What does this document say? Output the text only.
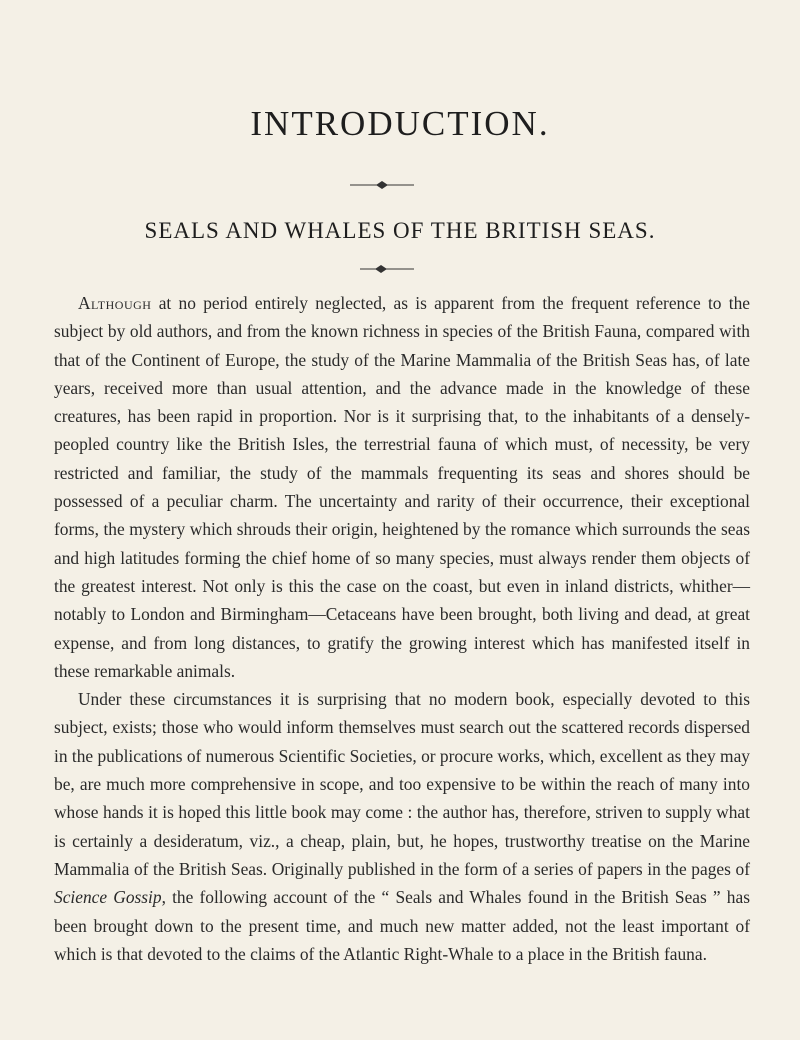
INTRODUCTION.
SEALS AND WHALES OF THE BRITISH SEAS.

Although at no period entirely neglected, as is apparent from the frequent reference to the subject by old authors, and from the known richness in species of the British Fauna, compared with that of the Continent of Europe, the study of the Marine Mammalia of the British Seas has, of late years, received more than usual attention, and the advance made in the knowledge of these creatures, has been rapid in proportion. Nor is it surprising that, to the inhabitants of a densely-peopled country like the British Isles, the terrestrial fauna of which must, of necessity, be very restricted and familiar, the study of the mammals frequenting its seas and shores should be possessed of a peculiar charm. The uncertainty and rarity of their occurrence, their exceptional forms, the mystery which shrouds their origin, heightened by the romance which surrounds the seas and high latitudes forming the chief home of so many species, must always render them objects of the greatest interest. Not only is this the case on the coast, but even in inland districts, whither—notably to London and Birmingham—Cetaceans have been brought, both living and dead, at great expense, and from long distances, to gratify the growing interest which has manifested itself in these remarkable animals.

Under these circumstances it is surprising that no modern book, especially devoted to this subject, exists; those who would inform themselves must search out the scattered records dispersed in the publications of numerous Scientific Societies, or procure works, which, excellent as they may be, are much more comprehensive in scope, and too expensive to be within the reach of many into whose hands it is hoped this little book may come : the author has, therefore, striven to supply what is certainly a desideratum, viz., a cheap, plain, but, he hopes, trustworthy treatise on the Marine Mammalia of the British Seas. Originally published in the form of a series of papers in the pages of Science Gossip, the following account of the “ Seals and Whales found in the British Seas ” has been brought down to the present time, and much new matter added, not the least important of which is that devoted to the claims of the Atlantic Right-Whale to a place in the British fauna.
